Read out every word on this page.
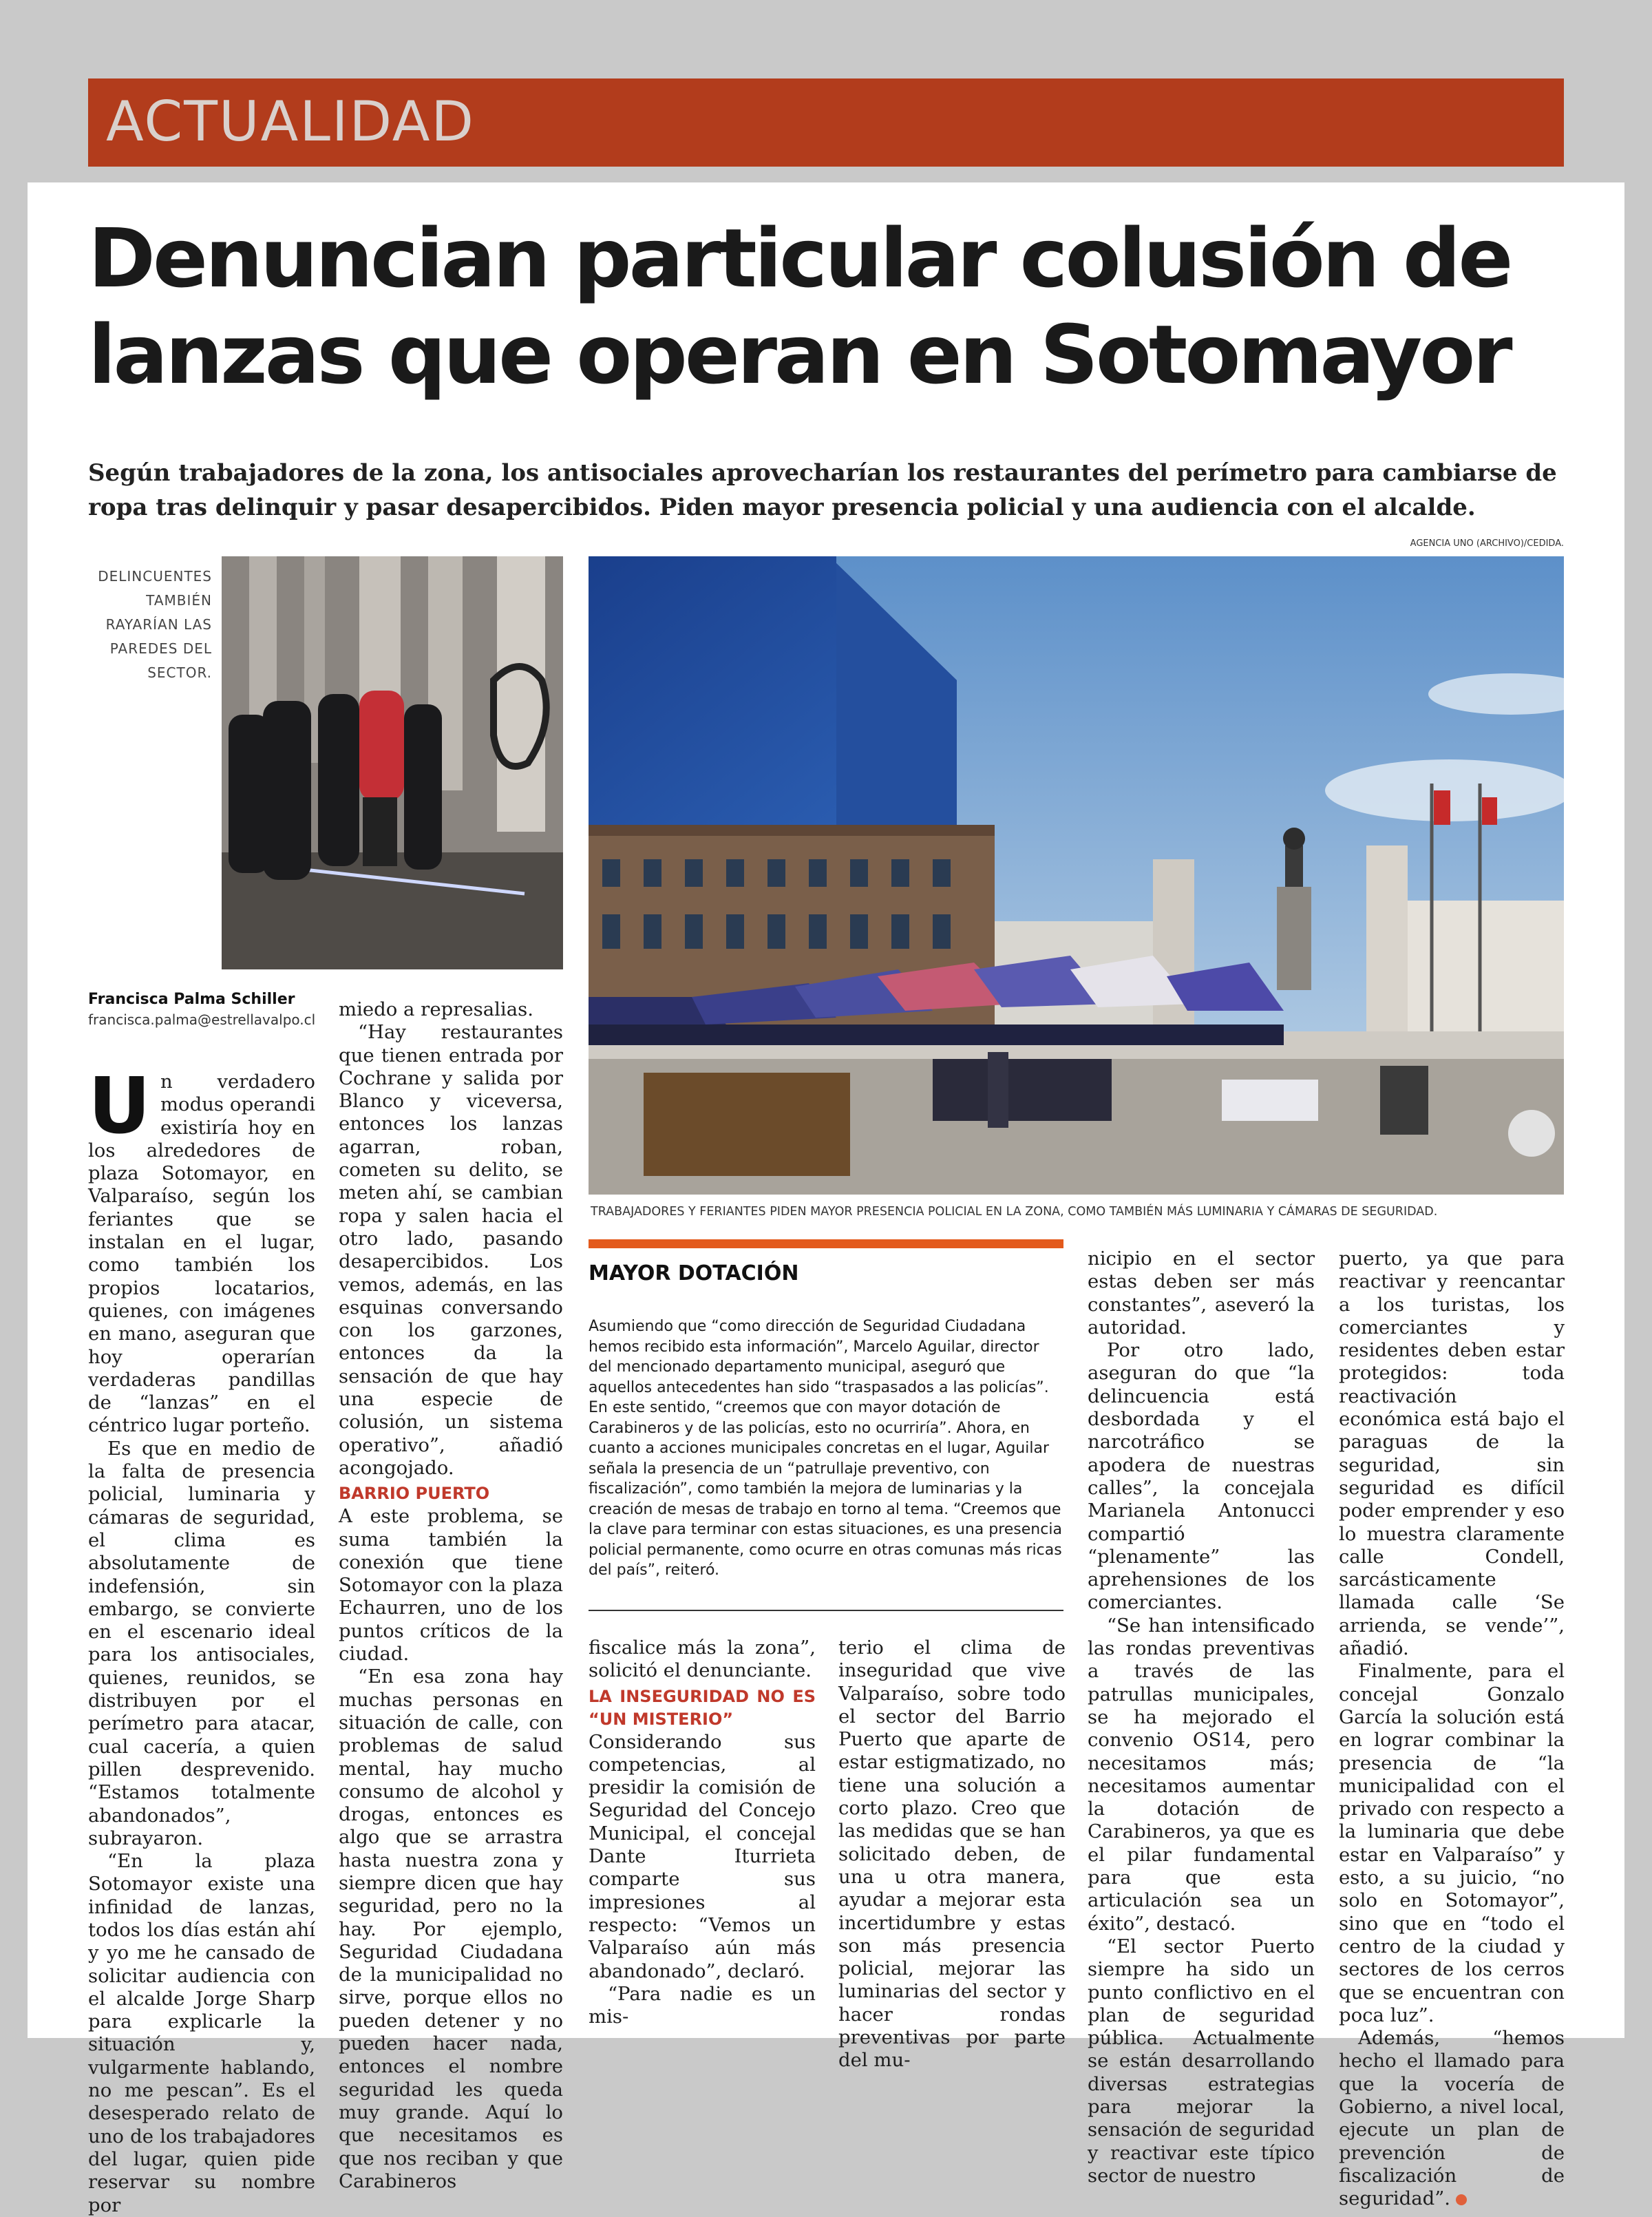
ACTUALIDAD
Denuncian particular colusión de lanzas que operan en Sotomayor

Según trabajadores de la zona, los antisociales aprovecharían los restaurantes del perímetro para cambiarse de ropa tras delinquir y pasar desapercibidos. Piden mayor presencia policial y una audiencia con el alcalde.

AGENCIA UNO (ARCHIVO)/CEDIDA.
DELINCUENTES TAMBIÉN RAYARÍAN LAS PAREDES DEL SECTOR.
TRABAJADORES Y FERIANTES PIDEN MAYOR PRESENCIA POLICIAL EN LA ZONA, COMO TAMBIÉN MÁS LUMINARIA Y CÁMARAS DE SEGURIDAD.
Francisca Palma Schiller
francisca.palma@estrellavalpo.cl

Un verdadero modus operandi existiría hoy en los alrededores de plaza Sotomayor, en Valparaíso, según los feriantes que se instalan en el lugar, como también los propios locatarios, quienes, con imágenes en mano, aseguran que hoy operarían verdaderas pandillas de “lanzas” en el céntrico lugar porteño.

Es que en medio de la falta de presencia policial, luminaria y cámaras de seguridad, el clima es absolutamente de indefensión, sin embargo, se convierte en el escenario ideal para los antisociales, quienes, reunidos, se distribuyen por el perímetro para atacar, cual cacería, a quien pillen desprevenido. “Estamos totalmente abandonados”, subrayaron.

“En la plaza Sotomayor existe una infinidad de lanzas, todos los días están ahí y yo me he cansado de solicitar audiencia con el alcalde Jorge Sharp para explicarle la situación y, vulgarmente hablando, no me pescan”. Es el desesperado relato de uno de los trabajadores del lugar, quien pide reservar su nombre por

miedo a represalias.

“Hay restaurantes que tienen entrada por Cochrane y salida por Blanco y viceversa, entonces los lanzas agarran, roban, cometen su delito, se meten ahí, se cambian ropa y salen hacia el otro lado, pasando desapercibidos. Los vemos, además, en las esquinas conversando con los garzones, entonces da la sensación de que hay una especie de colusión, un sistema operativo”, añadió acongojado.

BARRIO PUERTO

A este problema, se suma también la conexión que tiene Sotomayor con la plaza Echaurren, uno de los puntos críticos de la ciudad.

“En esa zona hay muchas personas en situación de calle, con problemas de salud mental, hay mucho consumo de alcohol y drogas, entonces es algo que se arrastra hasta nuestra zona y siempre dicen que hay seguridad, pero no la hay. Por ejemplo, Seguridad Ciudadana de la municipalidad no sirve, porque ellos no pueden detener y no pueden hacer nada, entonces el nombre seguridad les queda muy grande. Aquí lo que necesitamos es que nos reciban y que Carabineros

MAYOR DOTACIÓN

Asumiendo que “como dirección de Seguridad Ciudadana hemos recibido esta información”, Marcelo Aguilar, director del mencionado departamento municipal, aseguró que aquellos antecedentes han sido “traspasados a las policías”. En este sentido, “creemos que con mayor dotación de Carabineros y de las policías, esto no ocurriría”. Ahora, en cuanto a acciones municipales concretas en el lugar, Aguilar señala la presencia de un “patrullaje preventivo, con fiscalización”, como también la mejora de luminarias y la creación de mesas de trabajo en torno al tema. “Creemos que la clave para terminar con estas situaciones, es una presencia policial permanente, como ocurre en otras comunas más ricas del país”, reiteró.

fiscalice más la zona”, solicitó el denunciante.

LA INSEGURIDAD NO ES “UN MISTERIO”

Considerando sus competencias, al presidir la comisión de Seguridad del Concejo Municipal, el concejal Dante Iturrieta comparte sus impresiones al respecto: “Vemos un Valparaíso aún más abandonado”, declaró.

“Para nadie es un mis-

terio el clima de inseguridad que vive Valparaíso, sobre todo el sector del Barrio Puerto que aparte de estar estigmatizado, no tiene una solución a corto plazo. Creo que las medidas que se han solicitado deben, de una u otra manera, ayudar a mejorar esta incertidumbre y estas son más presencia policial, mejorar las luminarias del sector y hacer rondas preventivas por parte del mu-

nicipio en el sector estas deben ser más constantes”, aseveró la autoridad.

Por otro lado, aseguran do que “la delincuencia está desbordada y el narcotráfico se apodera de nuestras calles”, la concejala Marianela Antonucci compartió “plenamente” las aprehensiones de los comerciantes.

“Se han intensificado las rondas preventivas a través de las patrullas municipales, se ha mejorado el convenio OS14, pero necesitamos más; necesitamos aumentar la dotación de Carabineros, ya que es el pilar fundamental para que esta articulación sea un éxito”, destacó.

“El sector Puerto siempre ha sido un punto conflictivo en el plan de seguridad pública. Actualmente se están desarrollando diversas estrategias para mejorar la sensación de seguridad y reactivar este típico sector de nuestro

puerto, ya que para reactivar y reencantar a los turistas, los comerciantes y residentes deben estar protegidos: toda reactivación económica está bajo el paraguas de la seguridad, sin seguridad es difícil poder emprender y eso lo muestra claramente calle Condell, sarcásticamente llamada calle ‘Se arrienda, se vende’”, añadió.

Finalmente, para el concejal Gonzalo García la solución está en lograr combinar la presencia de “la municipalidad con el privado con respecto a la luminaria que debe estar en Valparaíso” y esto, a su juicio, “no solo en Sotomayor”, sino que en “todo el centro de la ciudad y sectores de los cerros que se encuentran con poca luz”.

Además, “hemos hecho el llamado para que la vocería de Gobierno, a nivel local, ejecute un plan de prevención de fiscalización de seguridad”.
